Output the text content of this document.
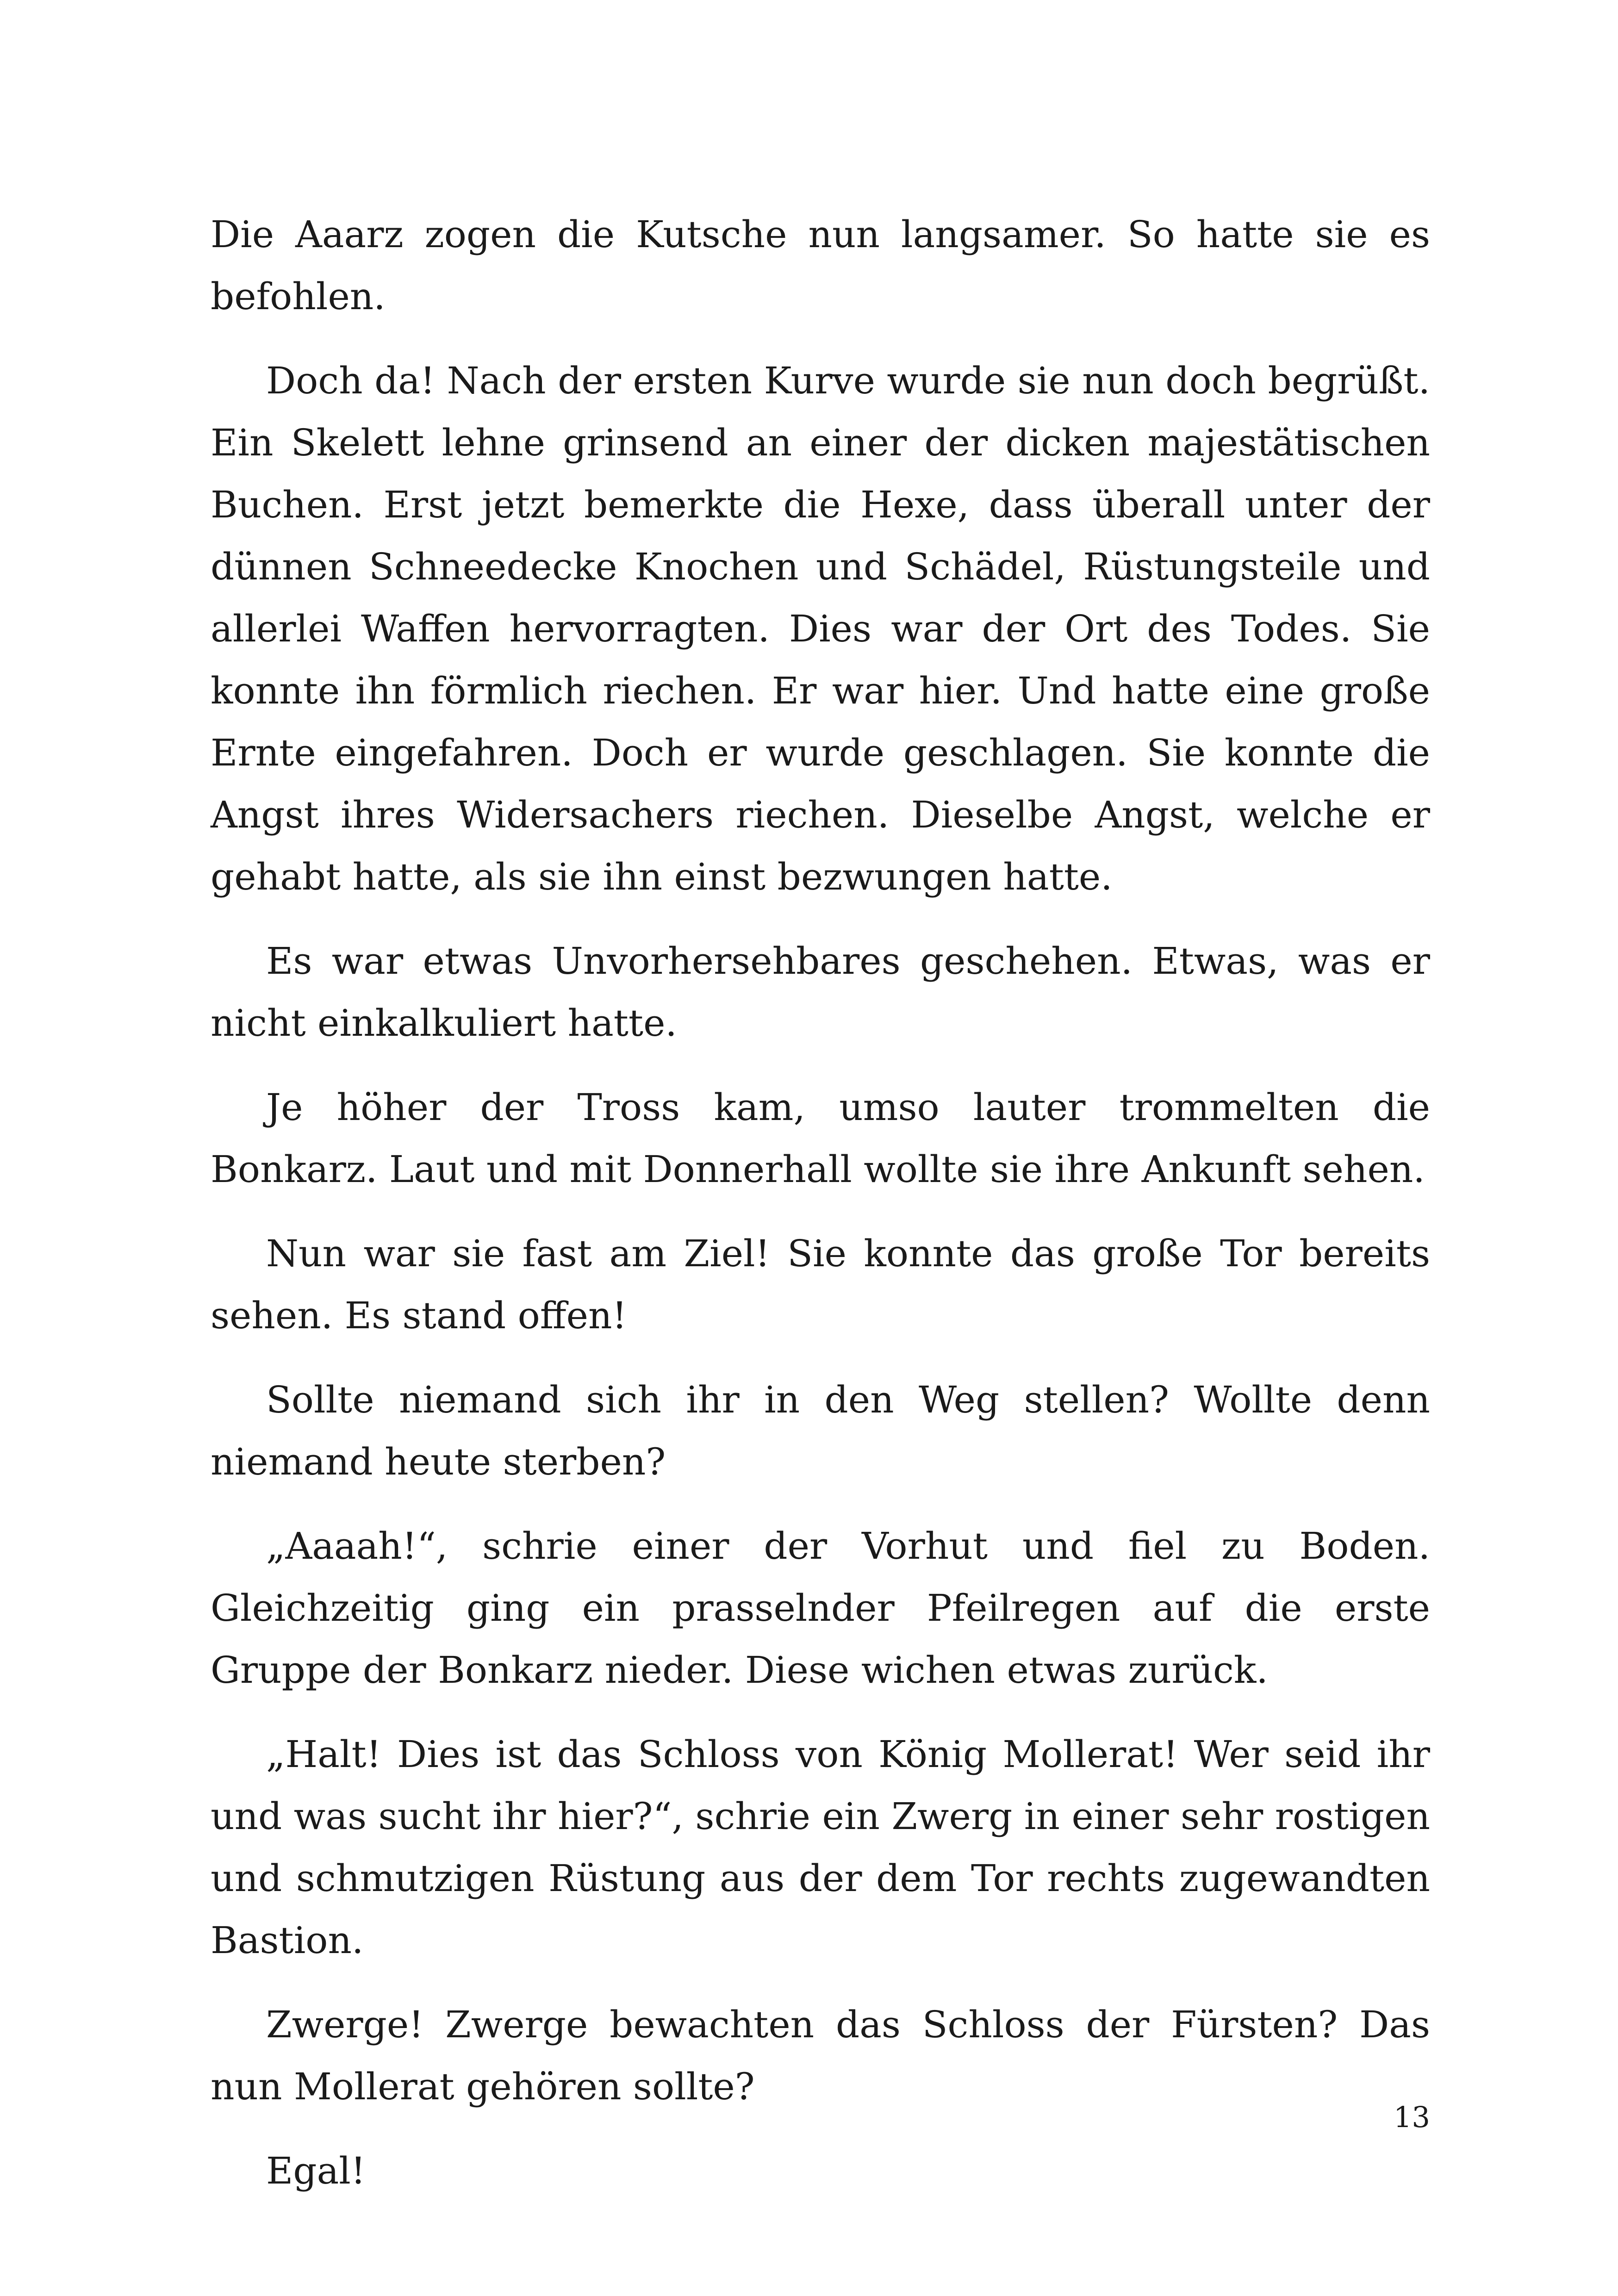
Die Aaarz zogen die Kutsche nun langsamer. So hatte sie es befohlen.

Doch da! Nach der ersten Kurve wurde sie nun doch begrüßt. Ein Skelett lehne grinsend an einer der dicken majestätischen Buchen. Erst jetzt bemerkte die Hexe, dass überall unter der dünnen Schneedecke Knochen und Schädel, Rüstungsteile und allerlei Waffen hervorragten. Dies war der Ort des Todes. Sie konnte ihn förmlich riechen. Er war hier. Und hatte eine große Ernte eingefahren. Doch er wurde geschlagen. Sie konnte die Angst ihres Widersachers riechen. Dieselbe Angst, welche er gehabt hatte, als sie ihn einst bezwungen hatte.

Es war etwas Unvorhersehbares geschehen. Etwas, was er nicht einkalkuliert hatte.

Je höher der Tross kam, umso lauter trommelten die Bonkarz. Laut und mit Donnerhall wollte sie ihre Ankunft sehen.

Nun war sie fast am Ziel! Sie konnte das große Tor bereits sehen. Es stand offen!

Sollte niemand sich ihr in den Weg stellen? Wollte denn niemand heute sterben?

„Aaaah!“, schrie einer der Vorhut und fiel zu Boden. Gleichzeitig ging ein prasselnder Pfeilregen auf die erste Gruppe der Bonkarz nieder. Diese wichen etwas zurück.

„Halt! Dies ist das Schloss von König Mollerat! Wer seid ihr und was sucht ihr hier?“, schrie ein Zwerg in einer sehr rostigen und schmutzigen Rüstung aus der dem Tor rechts zugewandten Bastion.

Zwerge! Zwerge bewachten das Schloss der Fürsten? Das nun Mollerat gehören sollte?

Egal!

13
